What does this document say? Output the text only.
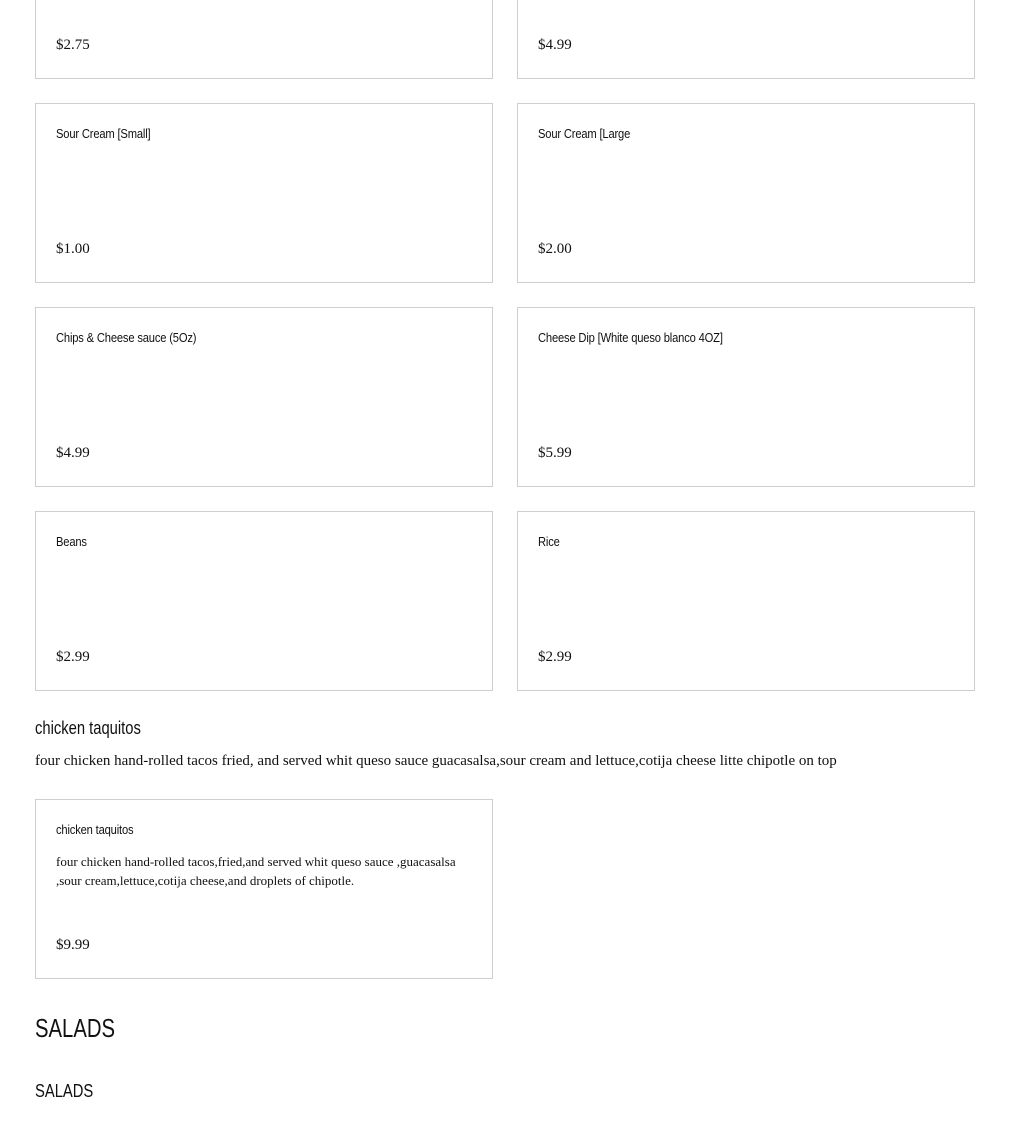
$2.75	$4.99
Sour Cream [Small]
$1.00
Sour Cream [Large
$2.00
Chips & Cheese sauce (5Oz)
$4.99
Cheese Dip [White queso blanco 4OZ]
$5.99
Beans
$2.99
Rice
$2.99
chicken taquitos
four chicken hand-rolled tacos fried, and served whit queso sauce guacasalsa,sour cream and lettuce,cotija cheese litte chipotle on top
chicken taquitos
four chicken hand-rolled tacos,fried,and served whit queso sauce ,guacasalsa ,sour cream,lettuce,cotija cheese,and droplets of chipotle.
$9.99
SALADS
SALADS
